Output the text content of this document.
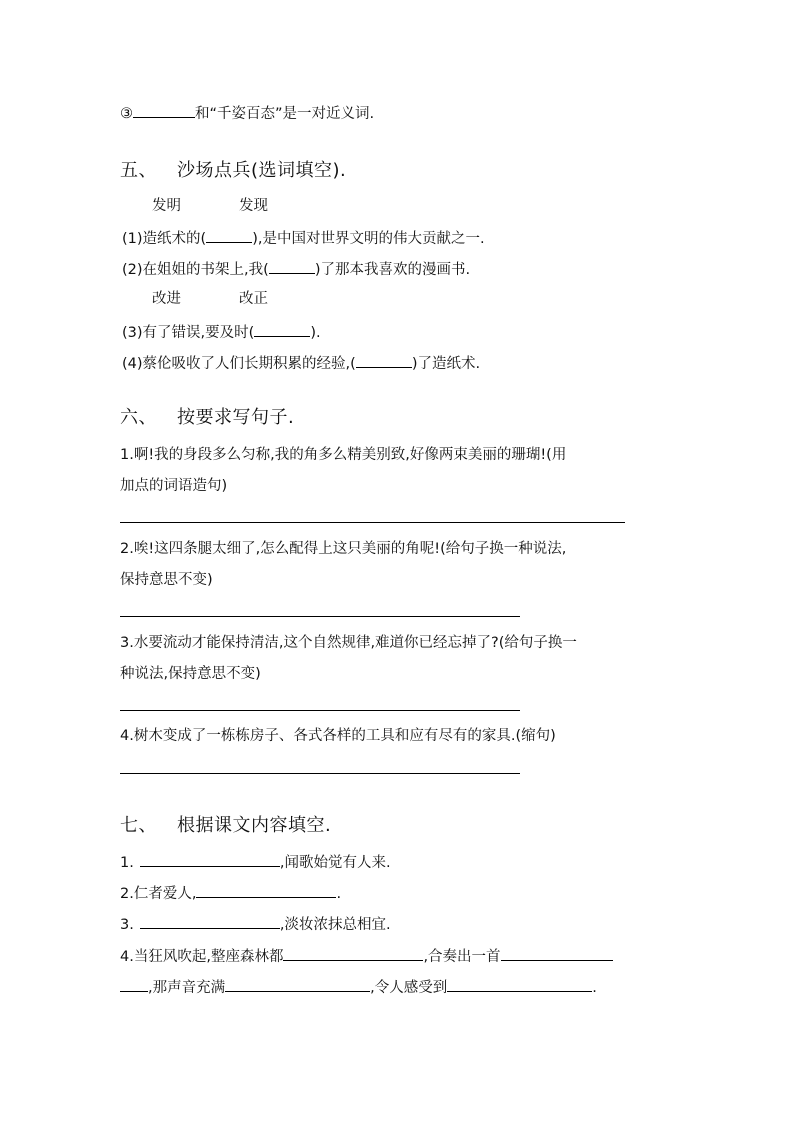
③	和“千姿百态”是一对近义词.
五、 沙场点兵(选词填空).
发明	发现
(1)造纸术的(	),是中国对世界文明的伟大贡献之一.
(2)在姐姐的书架上,我(	)了那本我喜欢的漫画书.
改进	改正
(3)有了错误,要及时(	).
(4)蔡伦吸收了人们长期积累的经验,(	)了造纸术.
六、 按要求写句子.
1.啊!我的身段多么匀称,我的角多么精美别致,好像两束美丽的珊瑚!(用
加点的词语造句)
2.唉!这四条腿太细了,怎么配得上这只美丽的角呢!(给句子换一种说法,
保持意思不变)
3.水要流动才能保持清洁,这个自然规律,难道你已经忘掉了?(给句子换一
种说法,保持意思不变)
4.树木变成了一栋栋房子、各式各样的工具和应有尽有的家具.(缩句)
七、 根据课文内容填空.
1.	,闻歌始觉有人来.
2.仁者爱人,	.
3.	,淡妆浓抹总相宜.
4.当狂风吹起,整座森林都	,合奏出一首
,那声音充满	,令人感受到	.
